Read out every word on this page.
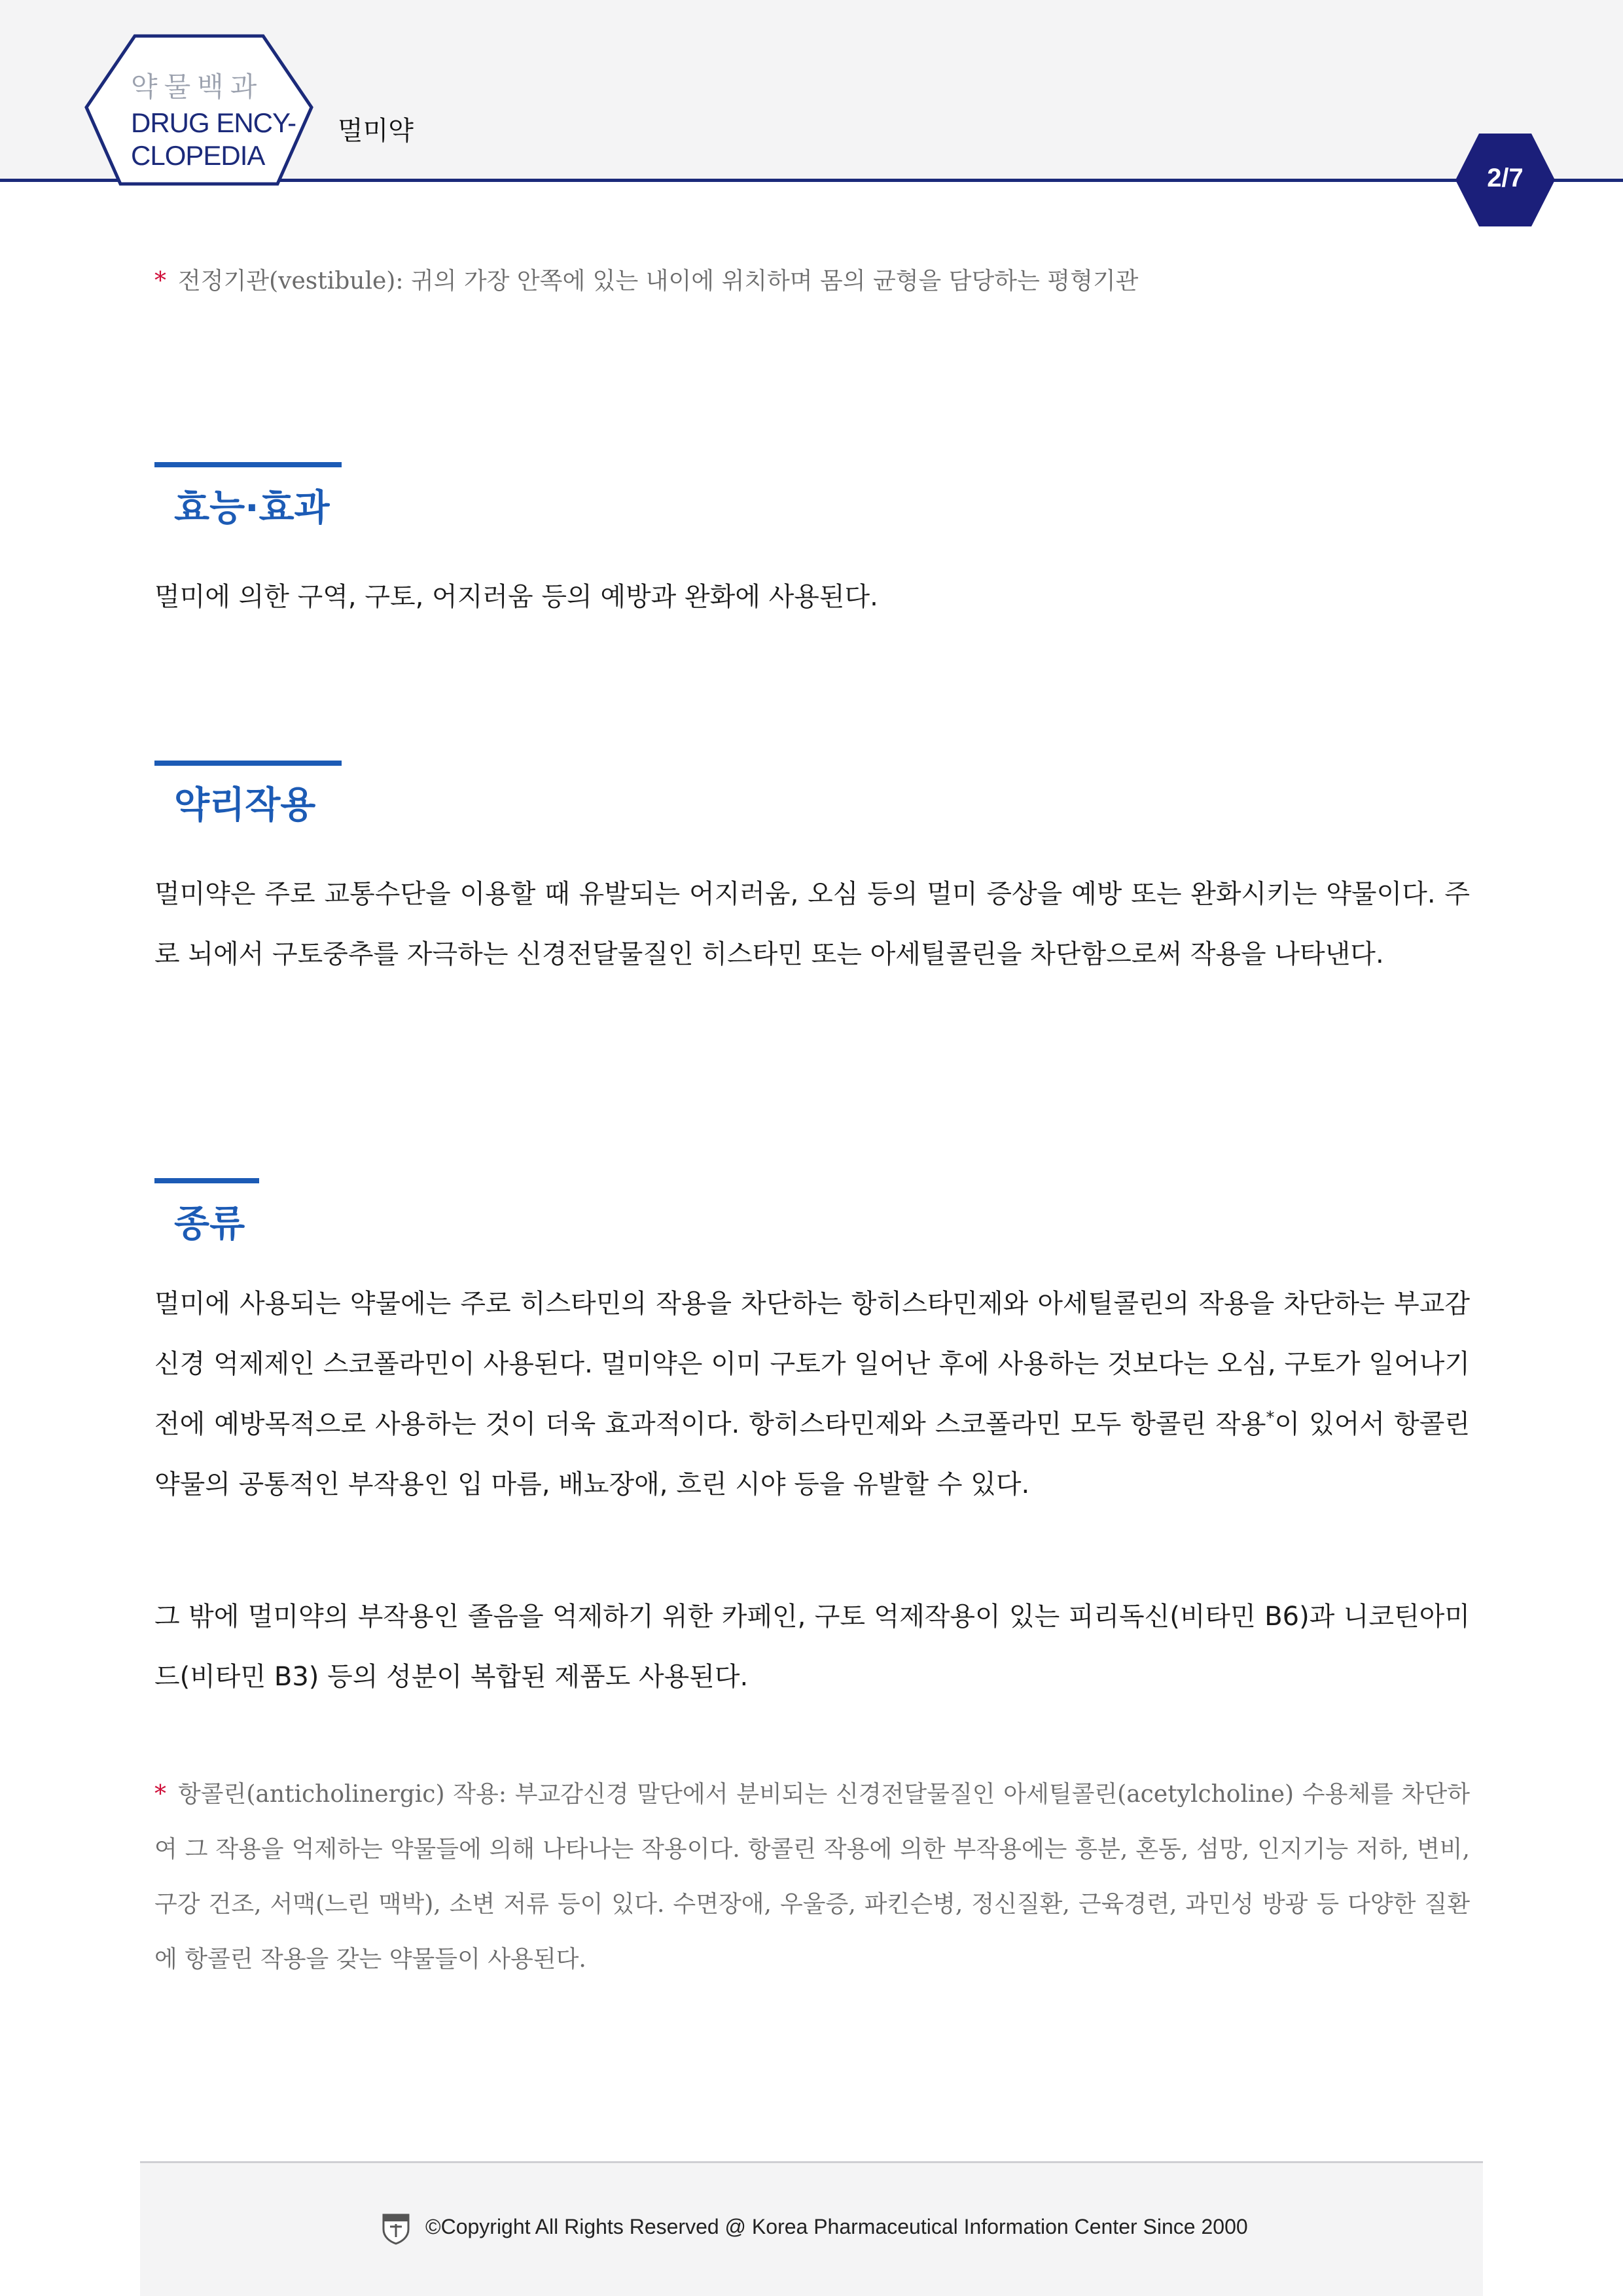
약물백과
DRUG ENCY-
CLOPEDIA
멀미약
2/7
* 전정기관(vestibule): 귀의 가장 안쪽에 있는 내이에 위치하며 몸의 균형을 담당하는 평형기관
효능·효과
멀미에 의한 구역, 구토, 어지러움 등의 예방과 완화에 사용된다.
약리작용
멀미약은 주로 교통수단을 이용할 때 유발되는 어지러움, 오심 등의 멀미 증상을 예방 또는 완화시키는 약물이다. 주로 뇌에서 구토중추를 자극하는 신경전달물질인 히스타민 또는 아세틸콜린을 차단함으로써 작용을 나타낸다.
종류
멀미에 사용되는 약물에는 주로 히스타민의 작용을 차단하는 항히스타민제와 아세틸콜린의 작용을 차단하는 부교감신경 억제제인 스코폴라민이 사용된다. 멀미약은 이미 구토가 일어난 후에 사용하는 것보다는 오심, 구토가 일어나기 전에 예방목적으로 사용하는 것이 더욱 효과적이다. 항히스타민제와 스코폴라민 모두 항콜린 작용*이 있어서 항콜린 약물의 공통적인 부작용인 입 마름, 배뇨장애, 흐린 시야 등을 유발할 수 있다.
그 밖에 멀미약의 부작용인 졸음을 억제하기 위한 카페인, 구토 억제작용이 있는 피리독신(비타민 B6)과 니코틴아미드(비타민 B3) 등의 성분이 복합된 제품도 사용된다.
* 항콜린(anticholinergic) 작용: 부교감신경 말단에서 분비되는 신경전달물질인 아세틸콜린(acetylcholine) 수용체를 차단하여 그 작용을 억제하는 약물들에 의해 나타나는 작용이다. 항콜린 작용에 의한 부작용에는 흥분, 혼동, 섬망, 인지기능 저하, 변비, 구강 건조, 서맥(느린 맥박), 소변 저류 등이 있다. 수면장애, 우울증, 파킨슨병, 정신질환, 근육경련, 과민성 방광 등 다양한 질환에 항콜린 작용을 갖는 약물들이 사용된다.
©Copyright All Rights Reserved @ Korea Pharmaceutical Information Center Since 2000
